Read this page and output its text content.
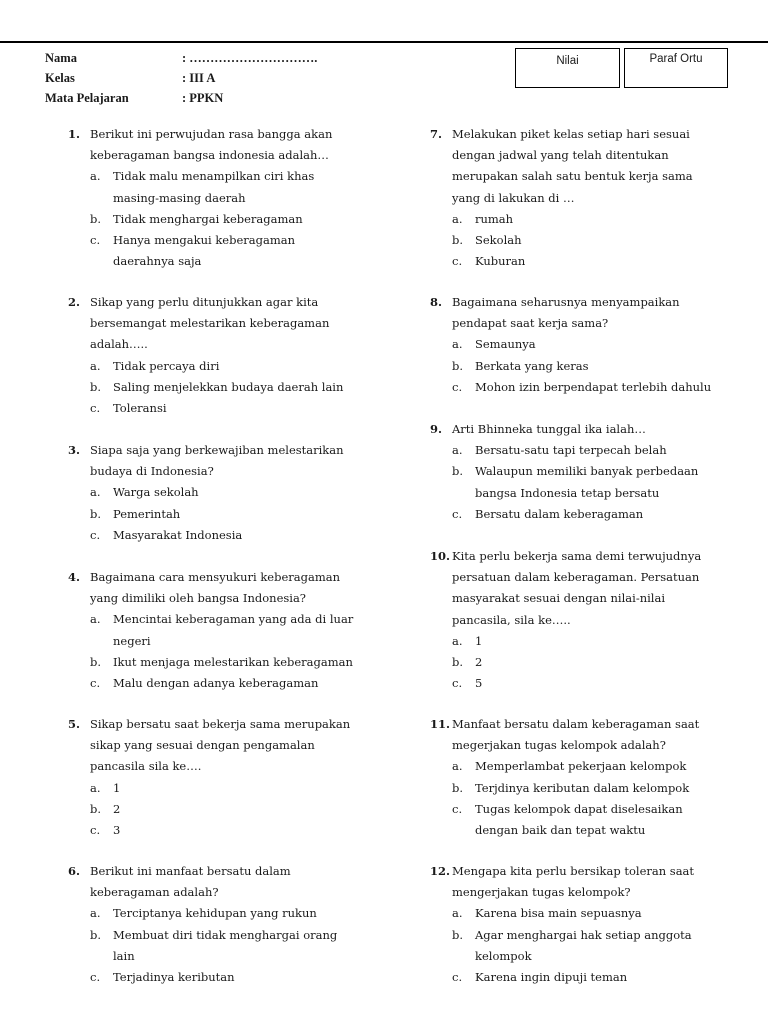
Nama	: ………………………….
Kelas	: III A
Mata Pelajaran	: PPKN
Nilai	Paraf Ortu
1. Berikut ini perwujudan rasa bangga akan
keberagaman bangsa indonesia adalah…
a.	Tidak malu menampilkan ciri khas
masing-masing daerah
b.	Tidak menghargai keberagaman
c.	Hanya mengakui keberagaman
daerahnya saja
2. Sikap yang perlu ditunjukkan agar kita
bersemangat melestarikan keberagaman
adalah…..
a.	Tidak percaya diri
b.	Saling menjelekkan budaya daerah lain
c.	Toleransi
3. Siapa saja yang berkewajiban melestarikan
budaya di Indonesia?
a.	Warga sekolah
b.	Pemerintah
c.	Masyarakat Indonesia
4. Bagaimana cara mensyukuri keberagaman
yang dimiliki oleh bangsa Indonesia?
a.	Mencintai keberagaman yang ada di luar
negeri
b.	Ikut menjaga melestarikan keberagaman
c.	Malu dengan adanya keberagaman
5. Sikap bersatu saat bekerja sama merupakan
sikap yang sesuai dengan pengamalan
pancasila sila ke….
a.	1
b.	2
c.	3
6. Berikut ini manfaat bersatu dalam
keberagaman adalah?
a.	Terciptanya kehidupan yang rukun
b.	Membuat diri tidak menghargai orang
lain
c.	Terjadinya keributan
7. Melakukan piket kelas setiap hari sesuai
dengan jadwal yang telah ditentukan
merupakan salah satu bentuk kerja sama
yang di lakukan di …
a.	rumah
b.	Sekolah
c.	Kuburan
8. Bagaimana seharusnya menyampaikan
pendapat saat kerja sama?
a.	Semaunya
b.	Berkata yang keras
c.	Mohon izin berpendapat terlebih dahulu
9. Arti Bhinneka tunggal ika ialah…
a.	Bersatu-satu tapi terpecah belah
b.	Walaupun memiliki banyak perbedaan
bangsa Indonesia tetap bersatu
c.	Bersatu dalam keberagaman
10. Kita perlu bekerja sama demi terwujudnya
persatuan dalam keberagaman. Persatuan
masyarakat sesuai dengan nilai-nilai
pancasila, sila ke…..
a.	1
b.	2
c.	5
11. Manfaat bersatu dalam keberagaman saat
megerjakan tugas kelompok adalah?
a.	Memperlambat pekerjaan kelompok
b.	Terjdinya keributan dalam kelompok
c.	Tugas kelompok dapat diselesaikan
dengan baik dan tepat waktu
12. Mengapa kita perlu bersikap toleran saat
mengerjakan tugas kelompok?
a.	Karena bisa main sepuasnya
b.	Agar menghargai hak setiap anggota
kelompok
c.	Karena ingin dipuji teman
